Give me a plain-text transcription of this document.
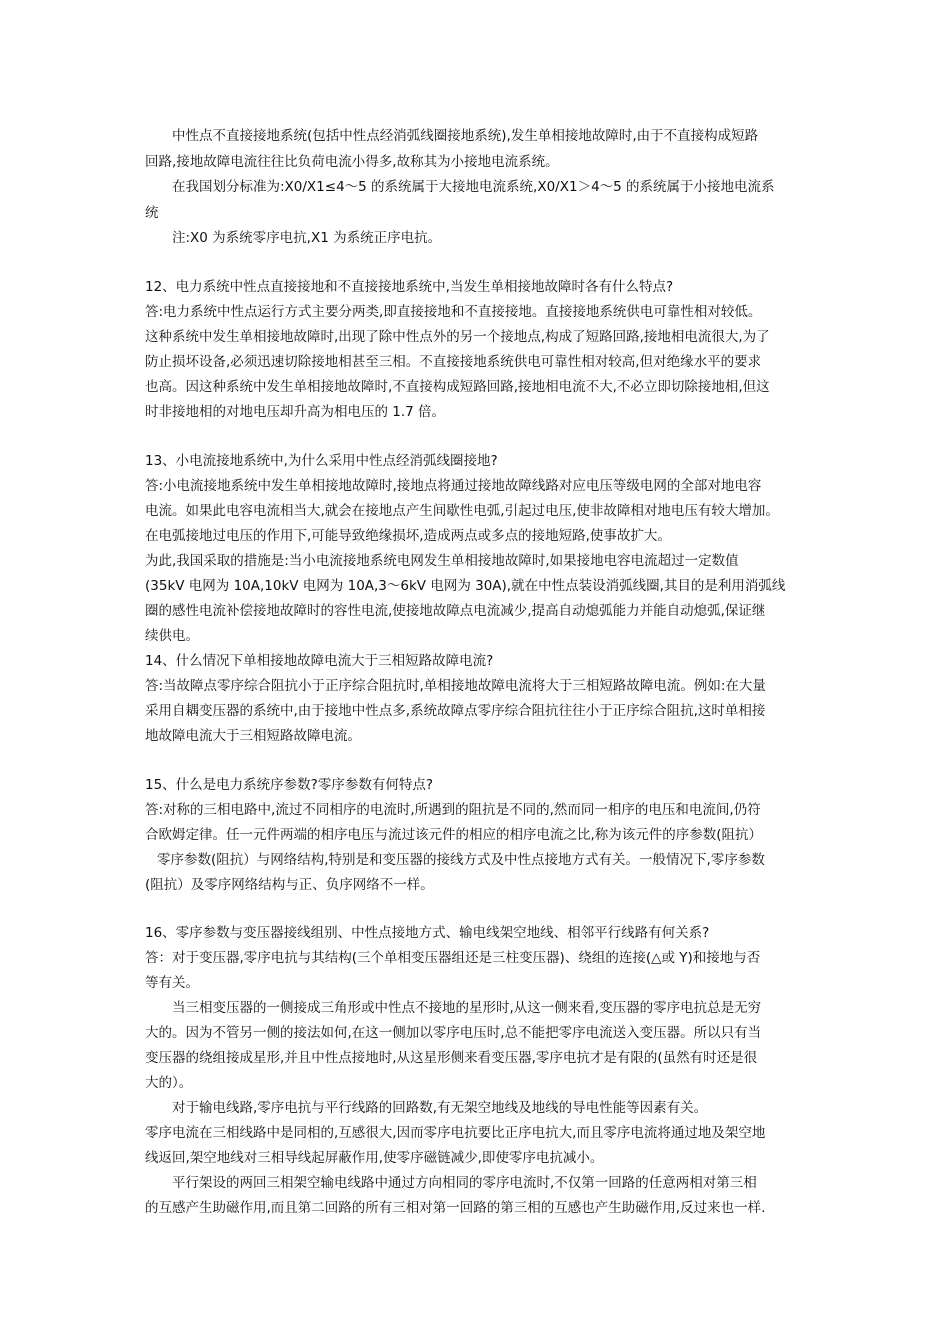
中性点不直接接地系统(包括中性点经消弧线圈接地系统),发生单相接地故障时,由于不直接构成短路
回路,接地故障电流往往比负荷电流小得多,故称其为小接地电流系统。
在我国划分标准为:X0/X1≤4～5 的系统属于大接地电流系统,X0/X1＞4～5 的系统属于小接地电流系
统
注:X0 为系统零序电抗,X1 为系统正序电抗。
12、电力系统中性点直接接地和不直接接地系统中,当发生单相接地故障时各有什么特点?
答:电力系统中性点运行方式主要分两类,即直接接地和不直接接地。直接接地系统供电可靠性相对较低。
这种系统中发生单相接地故障时,出现了除中性点外的另一个接地点,构成了短路回路,接地相电流很大,为了
防止损坏设备,必须迅速切除接地相甚至三相。不直接接地系统供电可靠性相对较高,但对绝缘水平的要求
也高。因这种系统中发生单相接地故障时,不直接构成短路回路,接地相电流不大,不必立即切除接地相,但这
时非接地相的对地电压却升高为相电压的 1.7 倍。
13、小电流接地系统中,为什么采用中性点经消弧线圈接地?
答:小电流接地系统中发生单相接地故障时,接地点将通过接地故障线路对应电压等级电网的全部对地电容
电流。如果此电容电流相当大,就会在接地点产生间歇性电弧,引起过电压,使非故障相对地电压有较大增加。
在电弧接地过电压的作用下,可能导致绝缘损坏,造成两点或多点的接地短路,使事故扩大。
为此,我国采取的措施是:当小电流接地系统电网发生单相接地故障时,如果接地电容电流超过一定数值
(35kV 电网为 10A,10kV 电网为 10A,3～6kV 电网为 30A),就在中性点装设消弧线圈,其目的是利用消弧线
圈的感性电流补偿接地故障时的容性电流,使接地故障点电流减少,提高自动熄弧能力并能自动熄弧,保证继
续供电。
14、什么情况下单相接地故障电流大于三相短路故障电流?
答:当故障点零序综合阻抗小于正序综合阻抗时,单相接地故障电流将大于三相短路故障电流。例如:在大量
采用自耦变压器的系统中,由于接地中性点多,系统故障点零序综合阻抗往往小于正序综合阻抗,这时单相接
地故障电流大于三相短路故障电流。
15、什么是电力系统序参数?零序参数有何特点?
答:对称的三相电路中,流过不同相序的电流时,所遇到的阻抗是不同的,然而同一相序的电压和电流间,仍符
合欧姆定律。任一元件两端的相序电压与流过该元件的相应的相序电流之比,称为该元件的序参数(阻抗）
零序参数(阻抗）与网络结构,特别是和变压器的接线方式及中性点接地方式有关。一般情况下,零序参数
(阻抗）及零序网络结构与正、负序网络不一样。
16、零序参数与变压器接线组别、中性点接地方式、输电线架空地线、相邻平行线路有何关系?
答：对于变压器,零序电抗与其结构(三个单相变压器组还是三柱变压器)、绕组的连接(△或 Y)和接地与否
等有关。
当三相变压器的一侧接成三角形或中性点不接地的星形时,从这一侧来看,变压器的零序电抗总是无穷
大的。因为不管另一侧的接法如何,在这一侧加以零序电压时,总不能把零序电流送入变压器。所以只有当
变压器的绕组接成星形,并且中性点接地时,从这星形侧来看变压器,零序电抗才是有限的(虽然有时还是很
大的）。
对于输电线路,零序电抗与平行线路的回路数,有无架空地线及地线的导电性能等因素有关。
零序电流在三相线路中是同相的,互感很大,因而零序电抗要比正序电抗大,而且零序电流将通过地及架空地
线返回,架空地线对三相导线起屏蔽作用,使零序磁链减少,即使零序电抗减小。
平行架设的两回三相架空输电线路中通过方向相同的零序电流时,不仅第一回路的任意两相对第三相
的互感产生助磁作用,而且第二回路的所有三相对第一回路的第三相的互感也产生助磁作用,反过来也一样.
